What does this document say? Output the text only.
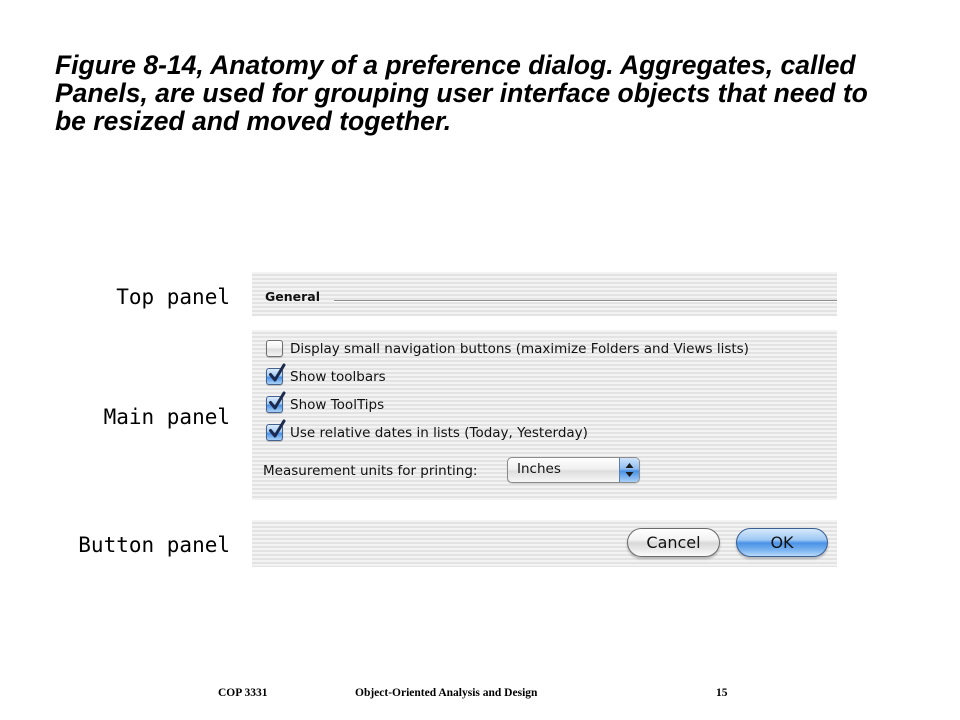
Figure 8-14, Anatomy of a preference dialog. Aggregates, called
Panels, are used for grouping user interface objects that need to
be resized and moved together.
Top panel
Main panel
Button panel
General
Display small navigation buttons (maximize Folders and Views lists)
Show toolbars
Show ToolTips
Use relative dates in lists (Today, Yesterday)
Measurement units for printing:	Inches
Cancel	OK
COP 3331	Object-Oriented Analysis and Design	15
